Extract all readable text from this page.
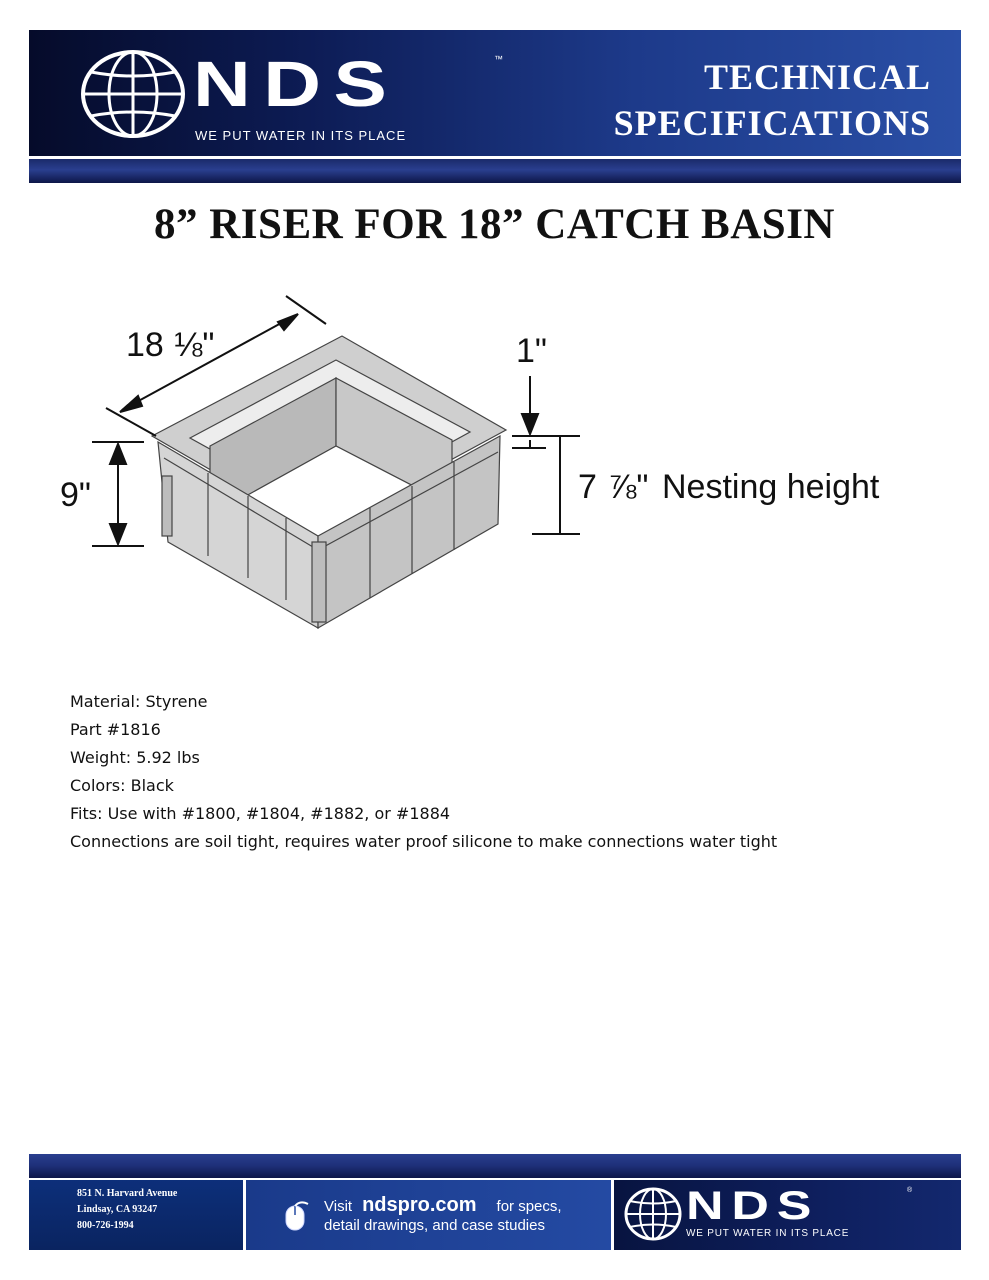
NDS	™
WE PUT WATER IN ITS PLACE
TECHNICAL
SPECIFICATIONS
8” RISER FOR 18” CATCH BASIN
18 ⅛"
9"
1"
7 ⅞" Nesting height
Material: Styrene
Part #1816
Weight: 5.92 lbs
Colors: Black
Fits: Use with #1800, #1804, #1882, or #1884
Connections are soil tight, requires water proof silicone to make connections water tight
851 N. Harvard Avenue
Lindsay, CA 93247
800-726-1994
Visit ndspro.com for specs,
detail drawings, and case studies	NDS	®
WE PUT WATER IN ITS PLACE
